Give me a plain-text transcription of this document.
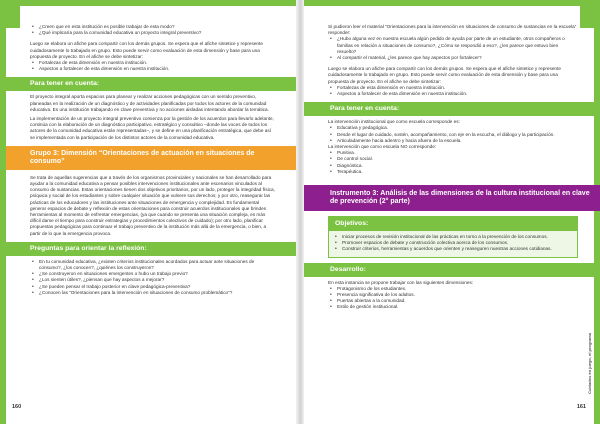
• ¿Creen que en esta institución es posible trabajar de esta modo?
• ¿Qué implicaría para la comunidad educativa un proyecto integral preventivo?

Luego se elabora un afiche para compartir con los demás grupos. Se espera que el afiche sintetice y represente cuidadosamente lo trabajado en grupo. Esto puede servir como evaluación de esta dimensión y base para una propuesta de proyecto. En el afiche se debe sintetizar:

• Fortalezas de esta dimensión en nuestra institución.
• Aspectos a fortalecer de esta dimensión en nuestra institución.
Para tener en cuenta:

El proyecto integral aporta espacios para planear y realizar acciones pedagógicas con un sentido preventivo, planeadas en la realización de un diagnóstico y de actividades planificadas por todos los actores de la comunidad educativa. Es una institución trabajando en clave preventiva y no acciones aisladas intentando abordar la temática.

La implementación de un proyecto integral preventivo comienza por la gestión de los acuerdos para llevarlo adelante, continúa con la elaboración de un diagnóstico participativo, estratégico y consultivo –donde las voces de todos los actores de la comunidad educativa están representadas–, y se define en una planificación estratégica, que debe así se implementada con la participación de los distintos actores de la comunidad educativa.

Grupo 3: Dimensión “Orientaciones de actuación en situaciones de consumo”

Se trata de aquellas sugerencias que a través de los organismos provinciales y nacionales se han desarrollado para ayudar a la comunidad educativa a pensar posibles intervenciones institucionales ante escenarios vinculados al consumo de sustancias. Estas orientaciones tienen dos objetivos prioritarios, por un lado, proteger la integridad física, psíquica y social de los estudiantes y sobre cualquier situación que vulnere sus derechos; y por otro, reasegurar las prácticas de los educadores y las instituciones ante situaciones de emergencia y complejidad. Es fundamental generar espacios de debate y reflexión de estas orientaciones para construir acuerdos institucionales que brinden herramientas al momento de enfrentar emergencias, (ya que cuando se presenta una situación compleja, es más difícil darse el tiempo para construir estrategias y procedimientos colectivos de cuidado); por otro lado, planificar propuestas pedagógicas para continuar el trabajo preventivo de la institución más allá de la emergencia, o bien, a partir de lo que la emergencia provoca.

Preguntas para orientar la reflexión:
• En tu comunidad educativa, ¿existen criterios institucionales acordados para actuar ante situaciones de consumo?, ¿los conocen?, ¿quiénes los construyeron?
• ¿Se construyeron en situaciones emergentes o hubo un trabajo previo?
• ¿Los sienten útiles?, ¿piensan que hay aspectos a mejorar?
• ¿Se pueden pensar el trabajo posterior en clave pedagógica-preventiva?
• ¿Conocen las “Orientaciones para la intervención en situaciones de consumo problemático”?
160

Si pudieron leer el material “Orientaciones para la intervención en situaciones de consumo de sustancias en la escuela” responder:

• ¿Hubo alguna vez en nuestra escuela algún pedido de ayuda por parte de un estudiante, otros compañeros o familias en relación a situaciones de consumo?, ¿Cómo se respondió a eso?, ¿les parece que estuvo bien resuelto?
• Al compartir el material, ¿les parece que hay aspectos por fortalecer?

Luego se elabora un afiche para compartir con los demás grupos. Se espera que el afiche sintetice y represente cuidadosamente lo trabajado en grupo. Esto puede servir como evaluación de esta dimensión y base para una propuesta de proyecto. En el afiche se debe sintetizar:

• Fortalezas de esta dimensión en nuestra institución.
• Aspectos a fortalecer de esta dimensión en nuestra institución.
Para tener en cuenta:

La intervención institucional que como escuela corresponde es:

• Educativa y pedagógica.
• Desde el lugar de cuidado, sostén, acompañamiento, con eje en la escucha, el diálogo y la participación.
• Articuladamente hacia adentro y hacia afuera de la escuela.

La intervención que como escuela NO corresponde:

• Punitiva.
• De control social.
• Diagnóstica.
• Terapéutica.
Instrumento 3: Análisis de las dimensiones de la cultura institucional en clave de prevención (2° parte)
Objetivos:
• Iniciar procesos de revisión institucional de las prácticas en torno a la prevención de los consumos.
• Promover espacios de debate y construcción colectiva acerca de los consumos.
• Construir criterios, herramientas y acuerdos que orienten y reaseguren nuestras acciones cotidianas.
Desarrollo:

En esta instancia se propone trabajar con las siguientes dimensiones:

• Protagonismo de los estudiantes.
• Presencia significativa de los adultos.
• Puertas abiertas a la comunidad.
• Estilo de gestión institucional.
Cuidados en juego, el programa
161
